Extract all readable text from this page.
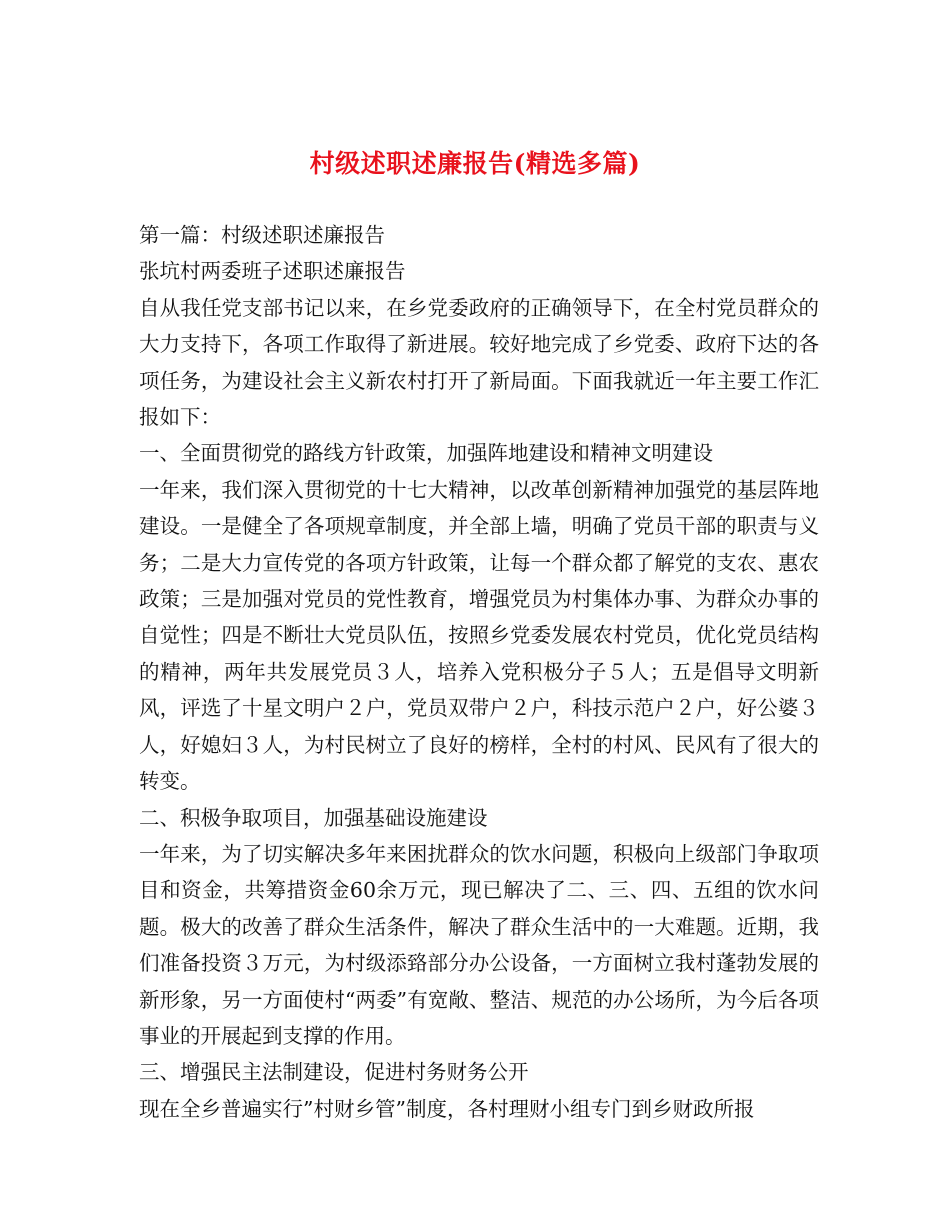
村级述职述廉报告(精选多篇)

第一篇：村级述职述廉报告

张坑村两委班子述职述廉报告

自从我任党支部书记以来，在乡党委政府的正确领导下，在全村党员群众的大力支持下，各项工作取得了新进展。较好地完成了乡党委、政府下达的各项任务，为建设社会主义新农村打开了新局面。下面我就近一年主要工作汇报如下：

一、全面贯彻党的路线方针政策，加强阵地建设和精神文明建设

一年来，我们深入贯彻党的十七大精神，以改革创新精神加强党的基层阵地建设。一是健全了各项规章制度，并全部上墙，明确了党员干部的职责与义务；二是大力宣传党的各项方针政策，让每一个群众都了解党的支农、惠农政策；三是加强对党员的党性教育，增强党员为村集体办事、为群众办事的自觉性；四是不断壮大党员队伍，按照乡党委发展农村党员，优化党员结构的精神，两年共发展党员３人，培养入党积极分子５人；五是倡导文明新风，评选了十星文明户２户，党员双带户２户，科技示范户２户，好公婆３人，好媳妇３人，为村民树立了良好的榜样，全村的村风、民风有了很大的转变。

二、积极争取项目，加强基础设施建设

一年来，为了切实解决多年来困扰群众的饮水问题，积极向上级部门争取项目和资金，共筹措资金60余万元，现已解决了二、三、四、五组的饮水问题。极大的改善了群众生活条件，解决了群众生活中的一大难题。近期，我们准备投资３万元，为村级添臵部分办公设备，一方面树立我村蓬勃发展的新形象，另一方面使村“两委”有宽敞、整洁、规范的办公场所，为今后各项事业的开展起到支撑的作用。

三、增强民主法制建设，促进村务财务公开

现在全乡普遍实行”村财乡管”制度，各村理财小组专门到乡财政所报
